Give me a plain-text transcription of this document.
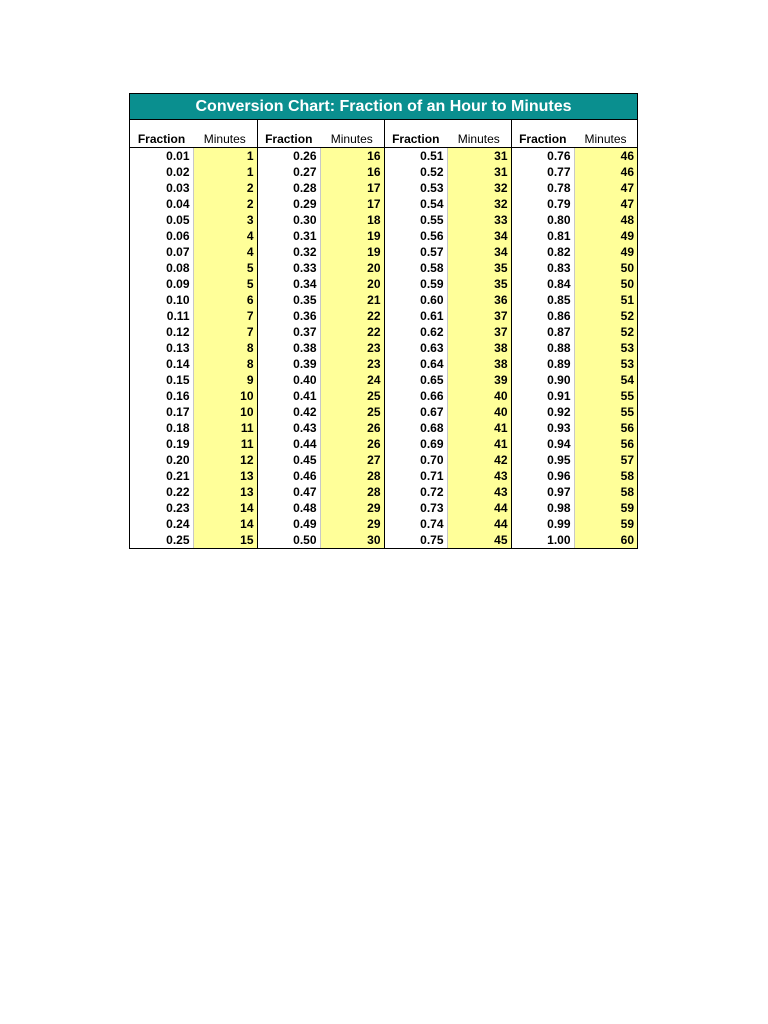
Conversion Chart: Fraction of an Hour to Minutes
Fraction	Minutes	Fraction	Minutes	Fraction	Minutes	Fraction	Minutes
0.01	1	0.26	16	0.51	31	0.76	46
0.02	1	0.27	16	0.52	31	0.77	46
0.03	2	0.28	17	0.53	32	0.78	47
0.04	2	0.29	17	0.54	32	0.79	47
0.05	3	0.30	18	0.55	33	0.80	48
0.06	4	0.31	19	0.56	34	0.81	49
0.07	4	0.32	19	0.57	34	0.82	49
0.08	5	0.33	20	0.58	35	0.83	50
0.09	5	0.34	20	0.59	35	0.84	50
0.10	6	0.35	21	0.60	36	0.85	51
0.11	7	0.36	22	0.61	37	0.86	52
0.12	7	0.37	22	0.62	37	0.87	52
0.13	8	0.38	23	0.63	38	0.88	53
0.14	8	0.39	23	0.64	38	0.89	53
0.15	9	0.40	24	0.65	39	0.90	54
0.16	10	0.41	25	0.66	40	0.91	55
0.17	10	0.42	25	0.67	40	0.92	55
0.18	11	0.43	26	0.68	41	0.93	56
0.19	11	0.44	26	0.69	41	0.94	56
0.20	12	0.45	27	0.70	42	0.95	57
0.21	13	0.46	28	0.71	43	0.96	58
0.22	13	0.47	28	0.72	43	0.97	58
0.23	14	0.48	29	0.73	44	0.98	59
0.24	14	0.49	29	0.74	44	0.99	59
0.25	15	0.50	30	0.75	45	1.00	60
